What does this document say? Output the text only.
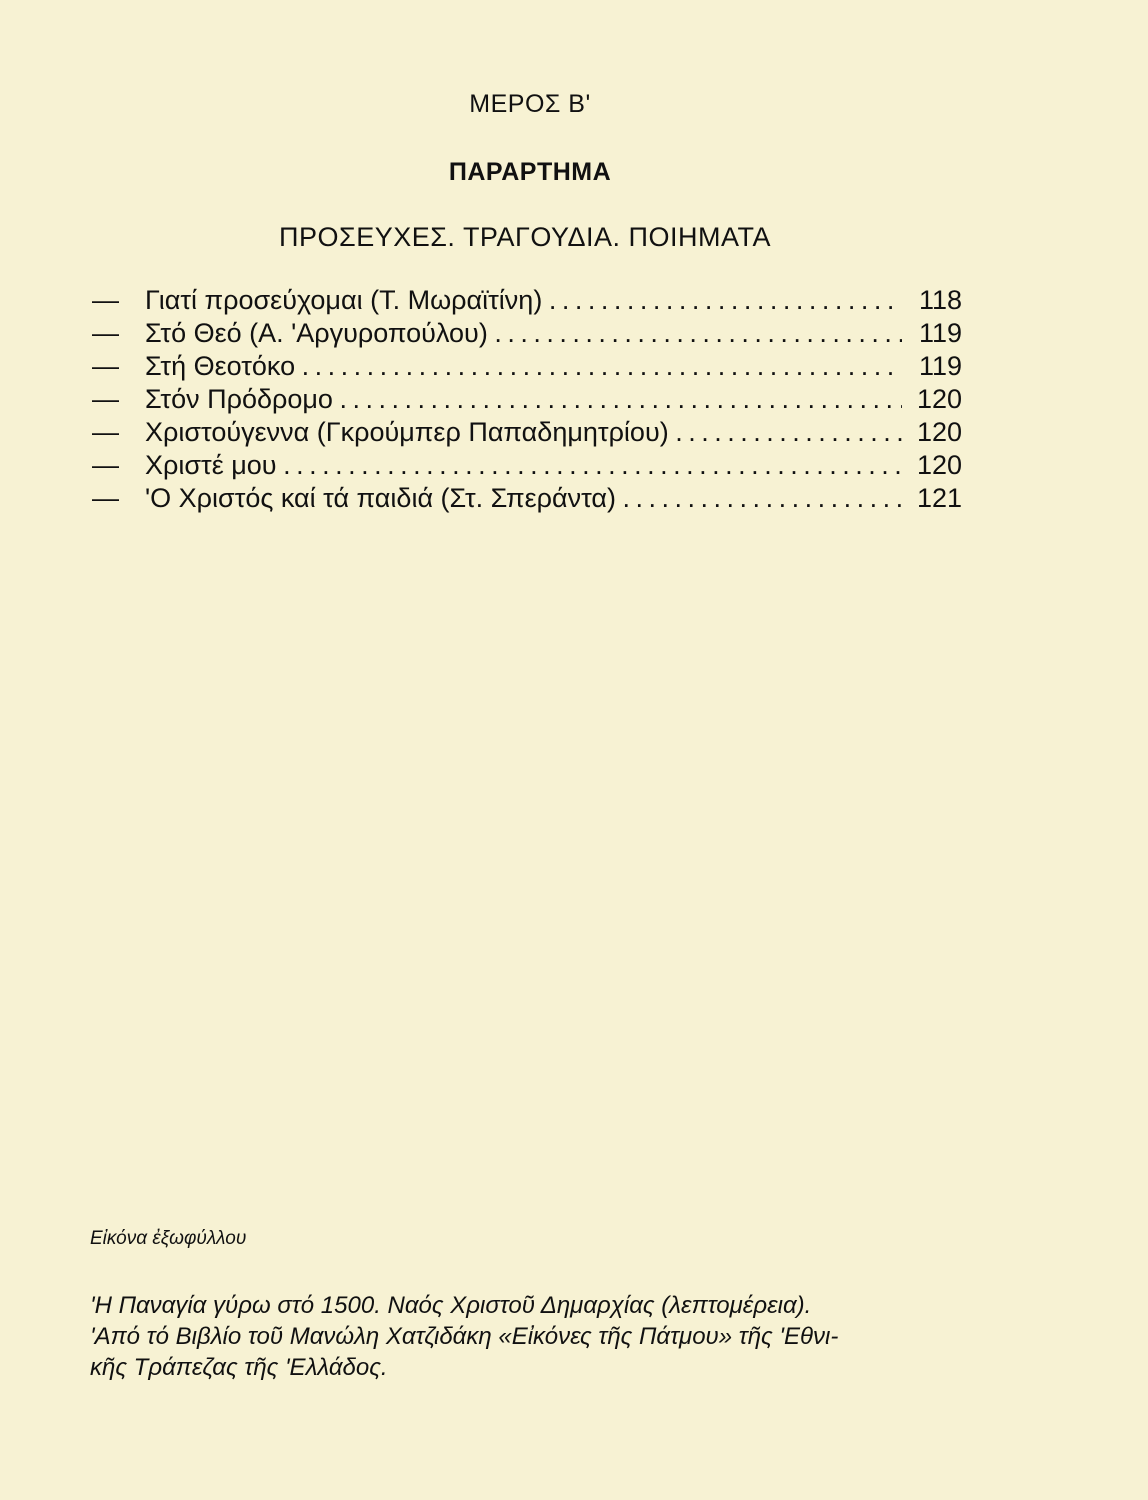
ΜΕΡΟΣ Β'
ΠΑΡΑΡΤΗΜΑ
ΠΡΟΣΕΥΧΕΣ. ΤΡΑΓΟΥΔΙΑ. ΠΟΙΗΜΑΤΑ
— Γιατί προσεύχομαι (Τ. Μωραϊτίνη) . . .	118
— Στό Θεό (Α. 'Αργυροπούλου) . . .	119
— Στή Θεοτόκο . . .	119
— Στόν Πρόδρομο . . .	120
— Χριστούγεννα (Γκρούμπερ Παπαδημητρίου) . . .	120
— Χριστέ μου . . .	120
— 'Ο Χριστός καί τά παιδιά (Στ. Σπεράντα) . . .	121
Εἰκόνα ἐξωφύλλου
'Η Παναγία γύρω στό 1500. Ναός Χριστοῦ Δημαρχίας (λεπτομέρεια).
'Από τό Βιβλίο τοῦ Μανώλη Χατζιδάκη «Εἰκόνες τῆς Πάτμου» τῆς 'Εθνι-
κῆς Τράπεζας τῆς 'Ελλάδος.
